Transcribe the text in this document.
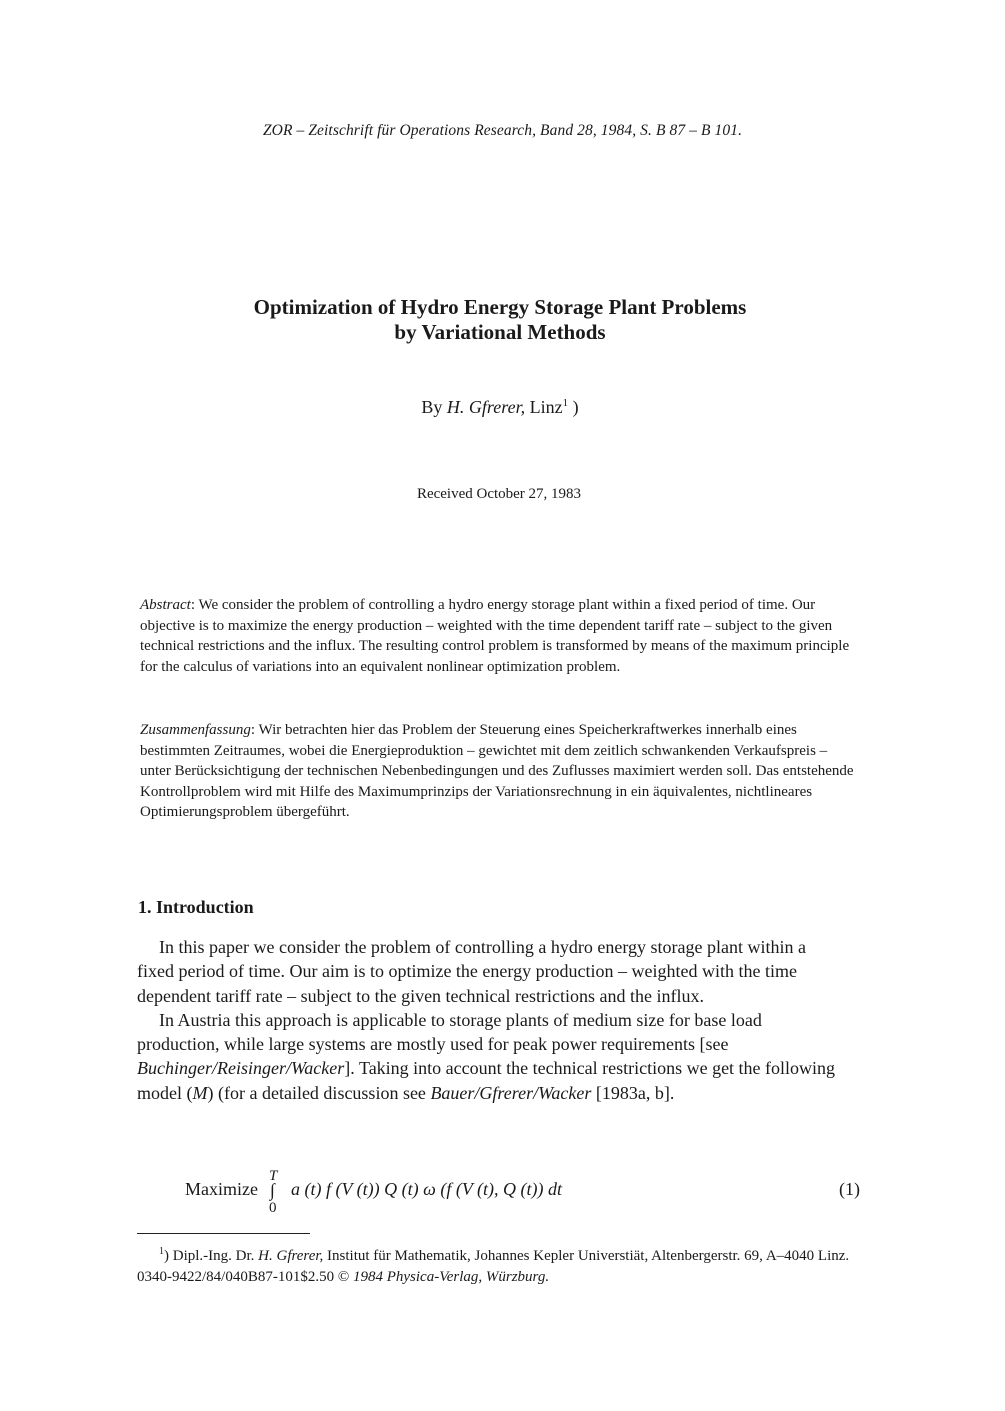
ZOR – Zeitschrift für Operations Research, Band 28, 1984, S. B 87 – B 101.
Optimization of Hydro Energy Storage Plant Problems
by Variational Methods
By H. Gfrerer, Linz$^1$ )
Received October 27, 1983

Abstract: We consider the problem of controlling a hydro energy storage plant within a fixed period of time. Our objective is to maximize the energy production – weighted with the time dependent tariff rate – subject to the given technical restrictions and the influx. The resulting control problem is transformed by means of the maximum principle for the calculus of variations into an equivalent nonlinear optimization problem.

Zusammenfassung: Wir betrachten hier das Problem der Steuerung eines Speicherkraftwerkes innerhalb eines bestimmten Zeitraumes, wobei die Energieproduktion – gewichtet mit dem zeitlich schwankenden Verkaufspreis – unter Berücksichtigung der technischen Nebenbedingungen und des Zuflusses maximiert werden soll. Das entstehende Kontrollproblem wird mit Hilfe des Maximumprinzips der Variationsrechnung in ein äquivalentes, nichtlineares Optimierungsproblem übergeführt.

1. Introduction

In this paper we consider the problem of controlling a hydro energy storage plant within a fixed period of time. Our aim is to optimize the energy production – weighted with the time dependent tariff rate – subject to the given technical restrictions and the influx.

In Austria this approach is applicable to storage plants of medium size for base load production, while large systems are mostly used for peak power requirements [see Buchinger/Reisinger/Wacker]. Taking into account the technical restrictions we get the following model (M) (for a detailed discussion see Bauer/Gfrerer/Wacker [1983a, b].

Maximize
T
∫
0
a (t) f (V (t)) Q (t) ω (f (V (t), Q (t)) dt	(1)

$^1$) Dipl.-Ing. Dr. H. Gfrerer, Institut für Mathematik, Johannes Kepler Universtiät, Altenbergerstr. 69, A–4040 Linz.

0340-9422/84/040B87-101$2.50 © 1984 Physica-Verlag, Würzburg.
